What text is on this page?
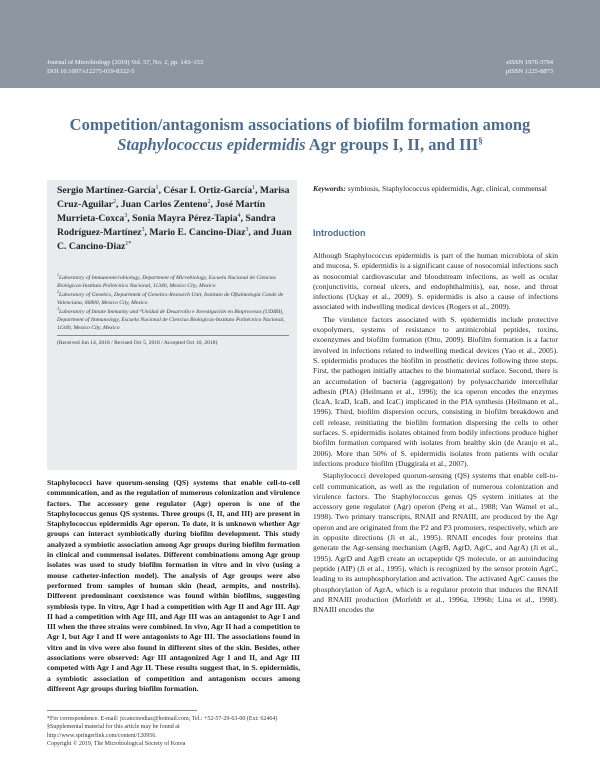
Journal of Microbiology (2019) Vol. 57, No. 2, pp. 143–153
DOI 10.1007/s12275-019-8322-5
eISSN 1976-3794
pISSN 1225-8873
Competition/antagonism associations of biofilm formation among
Staphylococcus epidermidis Agr groups I, II, and III§
Sergio Martínez-García$^1$, César I. Ortiz-García$^1$, Marisa Cruz-Aguilar$^2$, Juan Carlos Zenteno$^2$, José Martín Murrieta-Coxca$^3$, Sonia Mayra Pérez-Tapia$^4$, Sandra Rodríguez-Martínez$^3$, Mario E. Cancino-Diaz$^3$, and Juan C. Cancino-Diaz$^{1*}$
$^1$Laboratory of Immunomicrobiology, Department of Microbiology, Escuela Nacional de Ciencias Biológicas-Instituto Politécnico Nacional, 11340, Mexico City, Mexico
$^2$Laboratory of Genetics, Department of Genetics-Research Unit, Instituto de Oftalmología Conde de Valenciana, 06800, Mexico City, Mexico
$^3$Laboratory of Innate Immunity and ⁴Unidad de Desarrollo e Investigación en Bioprocesos (UDIBI), Department of Immunology, Escuela Nacional de Ciencias Biológicas-Instituto Politécnico Nacional, 11340, Mexico City, Mexico
(Received Jun 14, 2018 / Revised Oct 5, 2018 / Accepted Oct 10, 2018)
Staphylococci have quorum-sensing (QS) systems that enable cell-to-cell communication, and as the regulation of numerous colonization and virulence factors. The accessory gene regulator (Agr) operon is one of the Staphylococcus genus QS systems. Three groups (I, II, and III) are present in Staphylococcus epidermidis Agr operon. To date, it is unknown whether Agr groups can interact symbiotically during biofilm development. This study analyzed a symbiotic association among Agr groups during biofilm formation in clinical and commensal isolates. Different combinations among Agr group isolates was used to study biofilm formation in vitro and in vivo (using a mouse catheter-infection model). The analysis of Agr groups were also performed from samples of human skin (head, armpits, and nostrils). Different predominant coexistence was found within biofilms, suggesting symbiosis type. In vitro, Agr I had a competition with Agr II and Agr III. Agr II had a competition with Agr III, and Agr III was an antagonist to Agr I and III when the three strains were combined. In vivo, Agr II had a competition to Agr I, but Agr I and II were antagonists to Agr III. The associations found in vitro and in vivo were also found in different sites of the skin. Besides, other associations were observed: Agr III antagonized Agr I and II, and Agr III competed with Agr I and Agr II. These results suggest that, in S. epidermidis, a symbiotic association of competition and antagonism occurs among different Agr groups during biofilm formation.
*For correspondence. E-mail: jccancinodiaz@hotmail.com; Tel.: +52-57-29-63-00 (Ext: 62464)
§Supplemental material for this article may be found at
http://www.springerlink.com/content/120956.
Copyright © 2019, The Microbiological Society of Korea
Keywords: symbiosis, Staphylococcus epidermidis, Agr, clinical, commensal
Introduction

Although Staphylococcus epidermidis is part of the human microbiota of skin and mucosa, S. epidermidis is a significant cause of nosocomial infections such as nosocomial cardiovascular and bloodstream infections, as well as ocular (conjunctivitis, corneal ulcers, and endophthalmitis), ear, nose, and throat infections (Uçkay et al., 2009). S. epidermidis is also a cause of infections associated with indwelling medical devices (Rogers et al., 2009).

The virulence factors associated with S. epidermidis include protective exopolymers, systems of resistance to antimicrobial peptides, toxins, exoenzymes and biofilm formation (Otto, 2009). Biofilm formation is a factor involved in infections related to indwelling medical devices (Yao et al., 2005). S. epidermidis produces the biofilm in prosthetic devices following three steps. First, the pathogen initially attaches to the biomaterial surface. Second, there is an accumulation of bacteria (aggregation) by polysaccharide intercellular adhesin (PIA) (Heilmann et al., 1996); the ica operon encodes the enzymes (IcaA, IcaD, IcaB, and IcaC) implicated in the PIA synthesis (Heilmann et al., 1996). Third, biofilm dispersion occurs, consisting in biofilm breakdown and cell release, reinitiating the biofilm formation dispersing the cells to other surfaces. S. epidermidis isolates obtained from bodily infections produce higher biofilm formation compared with isolates from healthy skin (de Araujo et al., 2006). More than 50% of S. epidermidis isolates from patients with ocular infections produce biofilm (Duggirala et al., 2007).

Staphylococci developed quorum-sensing (QS) systems that enable cell-to-cell communication, as well as the regulation of numerous colonization and virulence factors. The Staphylococcus genus QS system initiates at the accessory gene regulator (Agr) operon (Peng et al., 1988; Van Wamel et al., 1998). Two primary transcripts, RNAII and RNAIII, are produced by the Agr operon and are originated from the P2 and P3 promoters, respectively, which are in opposite directions (Ji et al., 1995). RNAII encodes four proteins that generate the Agr-sensing mechanism (AgrB, AgrD, AgrC, and AgrA) (Ji et al., 1995). AgrD and AgrB create an octapeptide QS molecule, or an autoinducing peptide (AIP) (Ji et al., 1995), which is recognized by the sensor protein AgrC, leading to its autophosphorylation and activation. The activated AgrC causes the phosphorylation of AgrA, which is a regulator protein that induces the RNAII and RNAIII production (Morfeldt et al., 1996a, 1996b; Lina et al., 1998). RNAIII encodes the
